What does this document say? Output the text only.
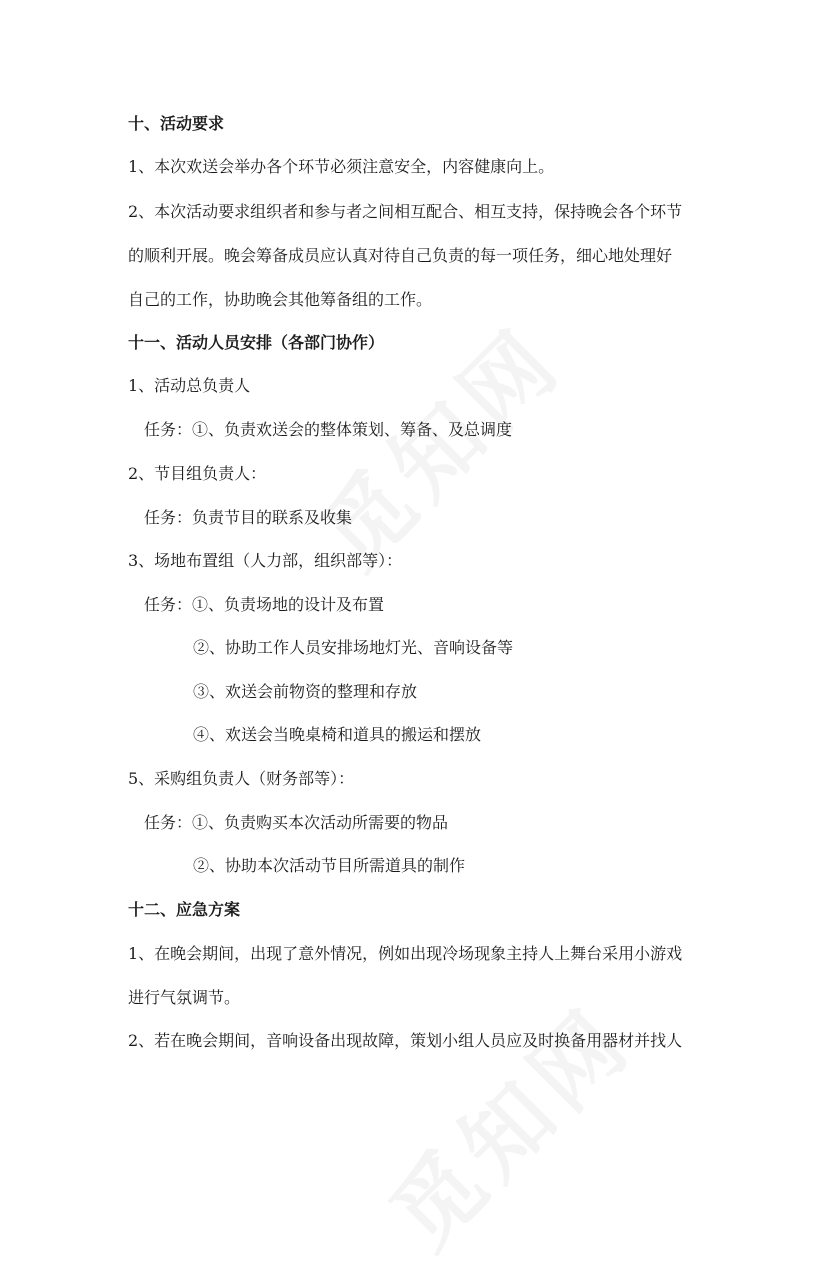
十、活动要求

1、本次欢送会举办各个环节必须注意安全，内容健康向上。

2、本次活动要求组织者和参与者之间相互配合、相互支持，保持晚会各个环节

的顺利开展。晚会筹备成员应认真对待自己负责的每一项任务，细心地处理好

自己的工作，协助晚会其他筹备组的工作。

十一、活动人员安排（各部门协作）

1、活动总负责人

任务：①、负责欢送会的整体策划、筹备、及总调度

2、节目组负责人：

任务：负责节目的联系及收集

3、场地布置组（人力部，组织部等）：

任务：①、负责场地的设计及布置

②、协助工作人员安排场地灯光、音响设备等

③、欢送会前物资的整理和存放

④、欢送会当晚桌椅和道具的搬运和摆放

5、采购组负责人（财务部等）：

任务：①、负责购买本次活动所需要的物品

②、协助本次活动节目所需道具的制作

十二、应急方案

1、在晚会期间，出现了意外情况，例如出现冷场现象主持人上舞台采用小游戏

进行气氛调节。

2、若在晚会期间，音响设备出现故障，策划小组人员应及时换备用器材并找人
